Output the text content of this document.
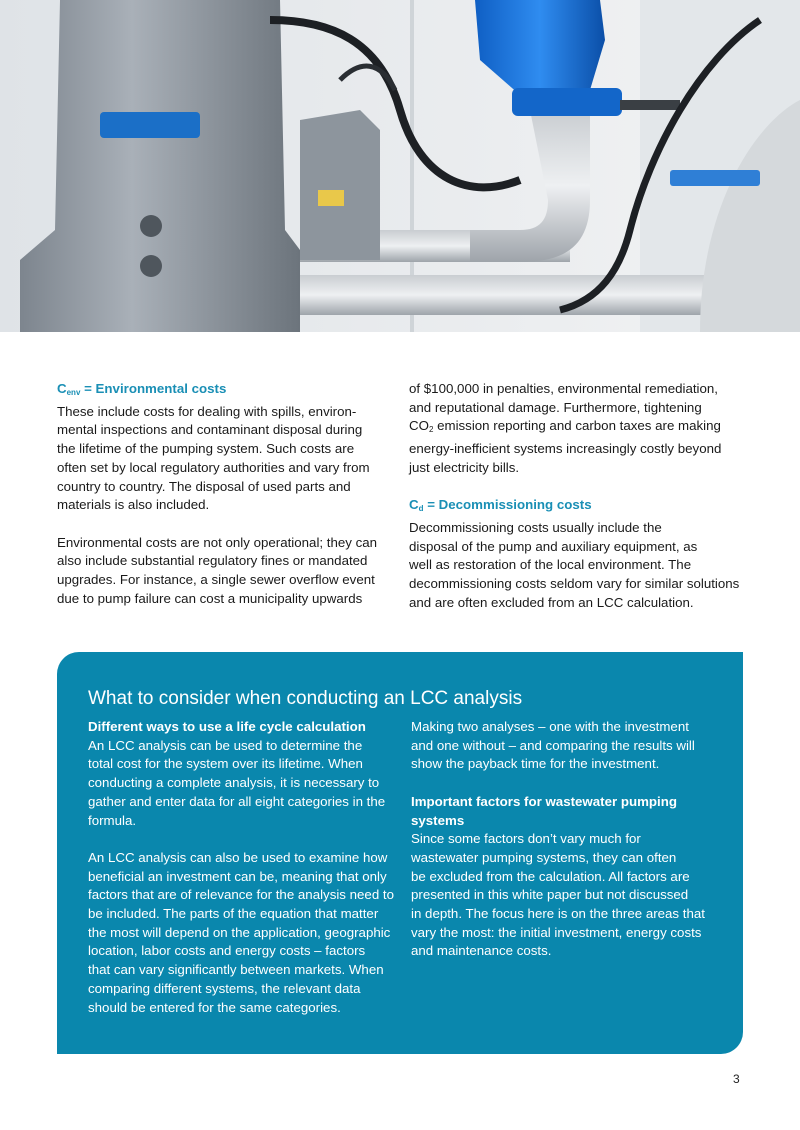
$C_{env}$ = Environmental costs

These include costs for dealing with spills, environ-

mental inspections and contaminant disposal during

the lifetime of the pumping system. Such costs are

often set by local regulatory authorities and vary from

country to country. The disposal of used parts and

materials is also included.

Environmental costs are not only operational; they can

also include substantial regulatory fines or mandated

upgrades. For instance, a single sewer overflow event

due to pump failure can cost a municipality upwards

of $100,000 in penalties, environmental remediation,

and reputational damage. Furthermore, tightening

CO2 emission reporting and carbon taxes are making

energy-inefficient systems increasingly costly beyond

just electricity bills.

$C_d$ = Decommissioning costs

Decommissioning costs usually include the

disposal of the pump and auxiliary equipment, as

well as restoration of the local environment. The

decommissioning costs seldom vary for similar solutions

and are often excluded from an LCC calculation.

What to consider when conducting an LCC analysis

Different ways to use a life cycle calculation

An LCC analysis can be used to determine the

total cost for the system over its lifetime. When

conducting a complete analysis, it is necessary to

gather and enter data for all eight categories in the

formula.

An LCC analysis can also be used to examine how

beneficial an investment can be, meaning that only

factors that are of relevance for the analysis need to

be included. The parts of the equation that matter

the most will depend on the application, geographic

location, labor costs and energy costs – factors

that can vary significantly between markets. When

comparing different systems, the relevant data

should be entered for the same categories.

Making two analyses – one with the investment

and one without – and comparing the results will

show the payback time for the investment.

Important factors for wastewater pumping

systems

Since some factors don’t vary much for

wastewater pumping systems, they can often

be excluded from the calculation. All factors are

presented in this white paper but not discussed

in depth. The focus here is on the three areas that

vary the most: the initial investment, energy costs

and maintenance costs.

3
